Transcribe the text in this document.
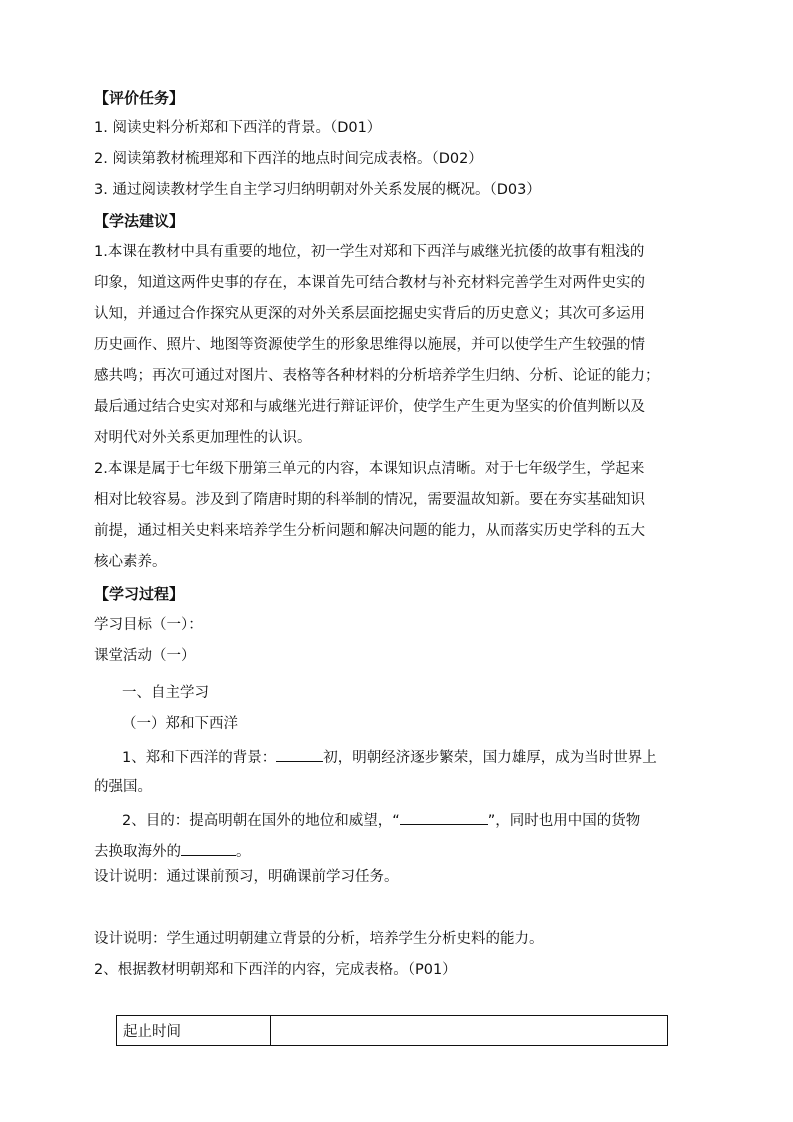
【评价任务】
1. 阅读史料分析郑和下西洋的背景。（D01）
2. 阅读第教材梳理郑和下西洋的地点时间完成表格。（D02）
3. 通过阅读教材学生自主学习归纳明朝对外关系发展的概况。（D03）
【学法建议】
1.本课在教材中具有重要的地位，初一学生对郑和下西洋与戚继光抗倭的故事有粗浅的
印象，知道这两件史事的存在，本课首先可结合教材与补充材料完善学生对两件史实的
认知，并通过合作探究从更深的对外关系层面挖掘史实背后的历史意义；其次可多运用
历史画作、照片、地图等资源使学生的形象思维得以施展，并可以使学生产生较强的情
感共鸣；再次可通过对图片、表格等各种材料的分析培养学生归纳、分析、论证的能力；
最后通过结合史实对郑和与戚继光进行辩证评价，使学生产生更为坚实的价值判断以及
对明代对外关系更加理性的认识。
2.本课是属于七年级下册第三单元的内容，本课知识点清晰。对于七年级学生，学起来
相对比较容易。涉及到了隋唐时期的科举制的情况，需要温故知新。要在夯实基础知识
前提，通过相关史料来培养学生分析问题和解决问题的能力，从而落实历史学科的五大
核心素养。
【学习过程】
学习目标（一）：
课堂活动（一）
一、自主学习
（一）郑和下西洋
1、郑和下西洋的背景：	初，明朝经济逐步繁荣，国力雄厚，成为当时世界上
的强国。
2、目的：提高明朝在国外的地位和威望，“	”，同时也用中国的货物
去换取海外的	。
设计说明：通过课前预习，明确课前学习任务。
设计说明：学生通过明朝建立背景的分析，培养学生分析史料的能力。
2、根据教材明朝郑和下西洋的内容，完成表格。（P01）
起止时间	
